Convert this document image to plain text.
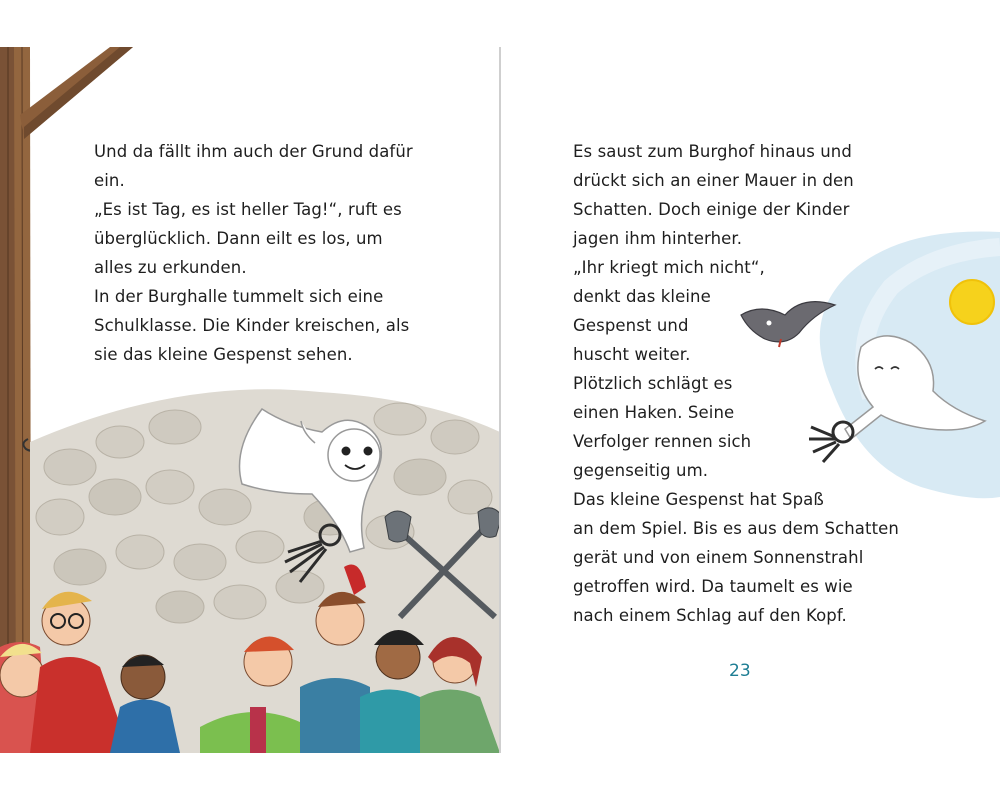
Und da fällt ihm auch der Grund dafür
ein.
„Es ist Tag, es ist heller Tag!“, ruft es
überglücklich. Dann eilt es los, um
alles zu erkunden.
In der Burghalle tummelt sich eine
Schulklasse. Die Kinder kreischen, als
sie das kleine Gespenst sehen.
Es saust zum Burghof hinaus und
drückt sich an einer Mauer in den
Schatten. Doch einige der Kinder
jagen ihm hinterher.
„Ihr kriegt mich nicht“,
denkt das kleine
Gespenst und
huscht weiter.
Plötzlich schlägt es
einen Haken. Seine
Verfolger rennen sich
gegenseitig um.
Das kleine Gespenst hat Spaß
an dem Spiel. Bis es aus dem Schatten
gerät und von einem Sonnenstrahl
getroffen wird. Da taumelt es wie
nach einem Schlag auf den Kopf.
23
